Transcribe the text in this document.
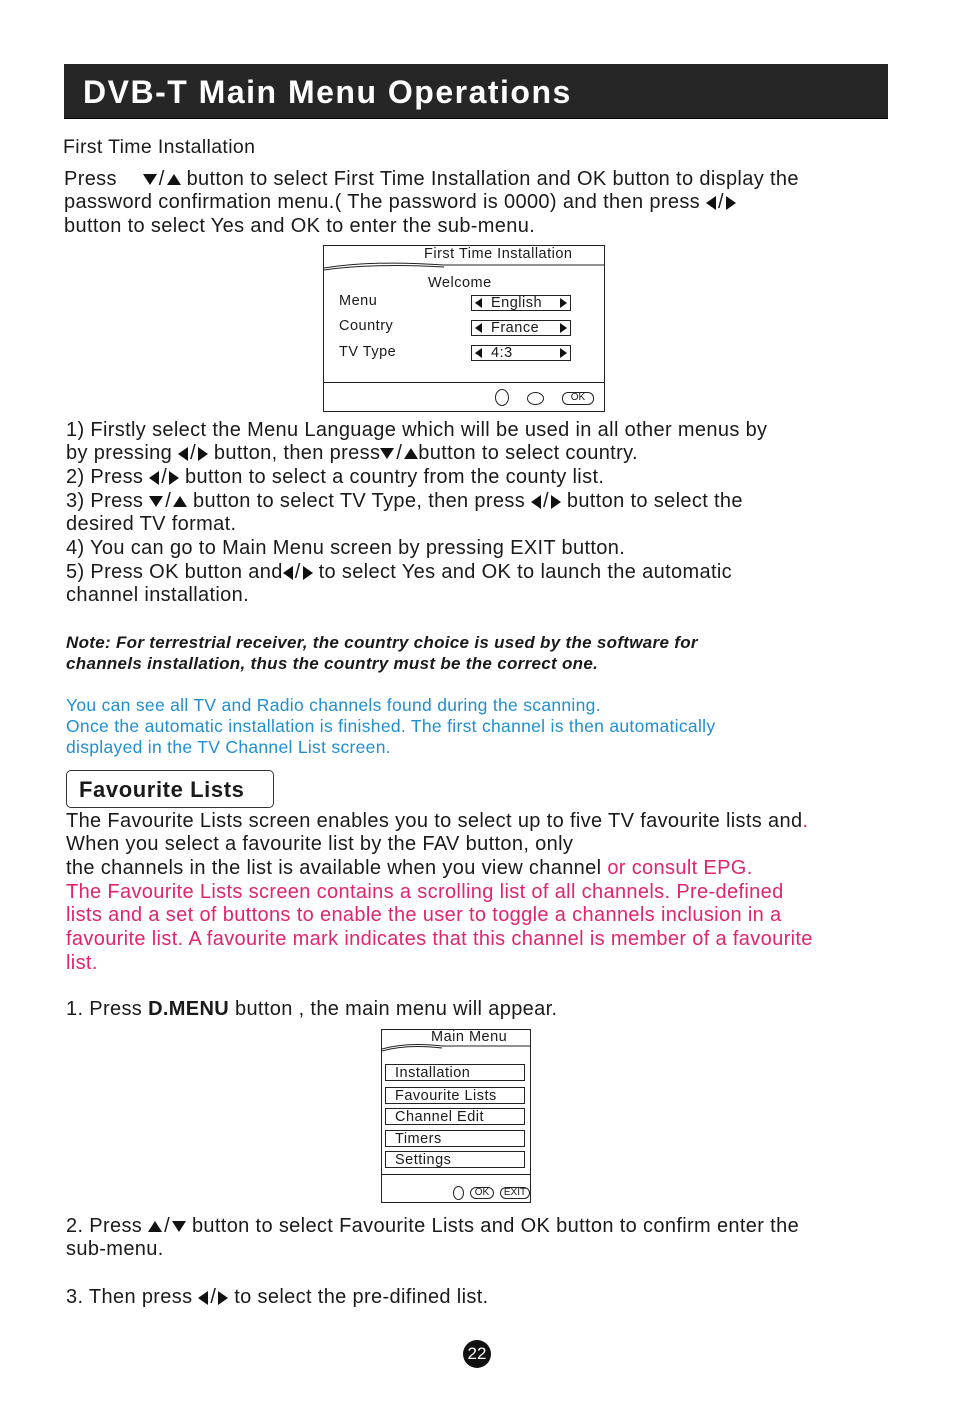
DVB-T Main Menu Operations
First Time Installation
Press / button to select First Time Installation and OK button to display the
password confirmation menu.( The password is 0000) and then press /
button to select Yes and OK to enter the sub-menu.
First Time Installation
Welcome
Menu
Country
TV Type
English
France
4:3
OK
1) Firstly select the Menu Language which will be used in all other menus by
by pressing / button, then press / button to select country.
2) Press / button to select a country from the county list.
3) Press / button to select TV Type, then press / button to select the
desired TV format.
4) You can go to Main Menu screen by pressing EXIT button.
5) Press OK button and / to select Yes and OK to launch the automatic
channel installation.
Note: For terrestrial receiver, the country choice is used by the software for
channels installation, thus the country must be the correct one.
You can see all TV and Radio channels found during the scanning.
Once the automatic installation is finished. The first channel is then automatically
displayed in the TV Channel List screen.
Favourite Lists
The Favourite Lists screen enables you to select up to five TV favourite lists and.
When you select a favourite list by the FAV button, only
the channels in the list is available when you view channel or consult EPG.
The Favourite Lists screen contains a scrolling list of all channels. Pre-defined
lists and a set of buttons to enable the user to toggle a channels inclusion in a
favourite list. A favourite mark indicates that this channel is member of a favourite
list.
1. Press D.MENU button , the main menu will appear.
Main Menu
Installation
Favourite Lists
Channel Edit
Timers
Settings
OK	EXIT
2. Press / button to select Favourite Lists and OK button to confirm enter the
sub-menu.
3. Then press / to select the pre-difined list.
22
